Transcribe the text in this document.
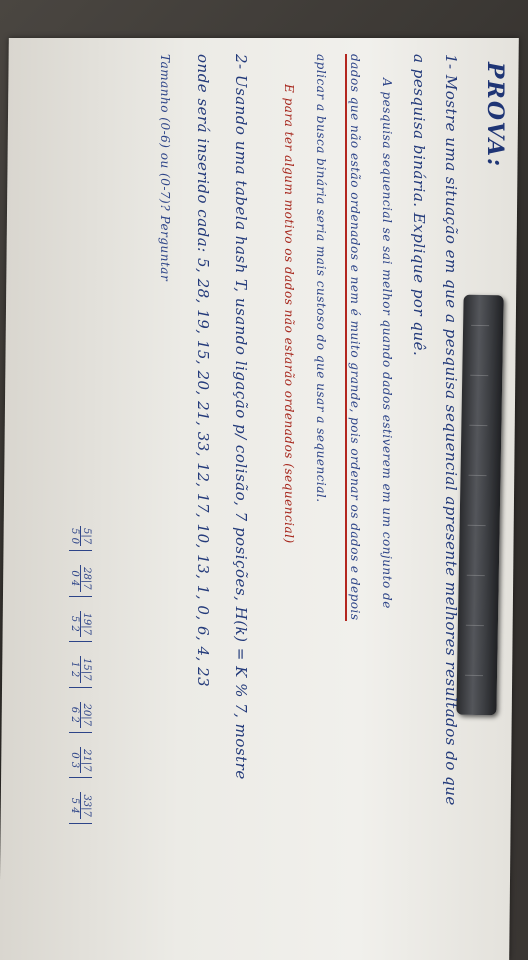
PROVA:
1- Mostre uma situação em que a pesquisa sequencial apresente melhores resultados do que
a pesquisa binária. Explique por quê.
A pesquisa sequencial se sai melhor quando dados estiverem em um conjunto de
dados que não estão ordenados e nem é muito grande, pois ordenar os dados e depois
aplicar a busca binária seria mais custoso do que usar a sequencial.
E para ter algum motivo os dados não estarão ordenados (sequencial)
2- Usando uma tabela hash T, usando ligação p/ colisão, 7 posições, H(k) = K % 7, mostre
onde será inserido cada: 5, 28, 19, 15, 20, 21, 33, 12, 17, 10, 13, 1, 0, 6, 4, 23
Tamanho (0-6) ou (0-7)? Perguntar
5|7
5 0
28|7
0 4
19|7
5 2
15|7
1 2
20|7
6 2
21|7
0 3
33|7
5 4
